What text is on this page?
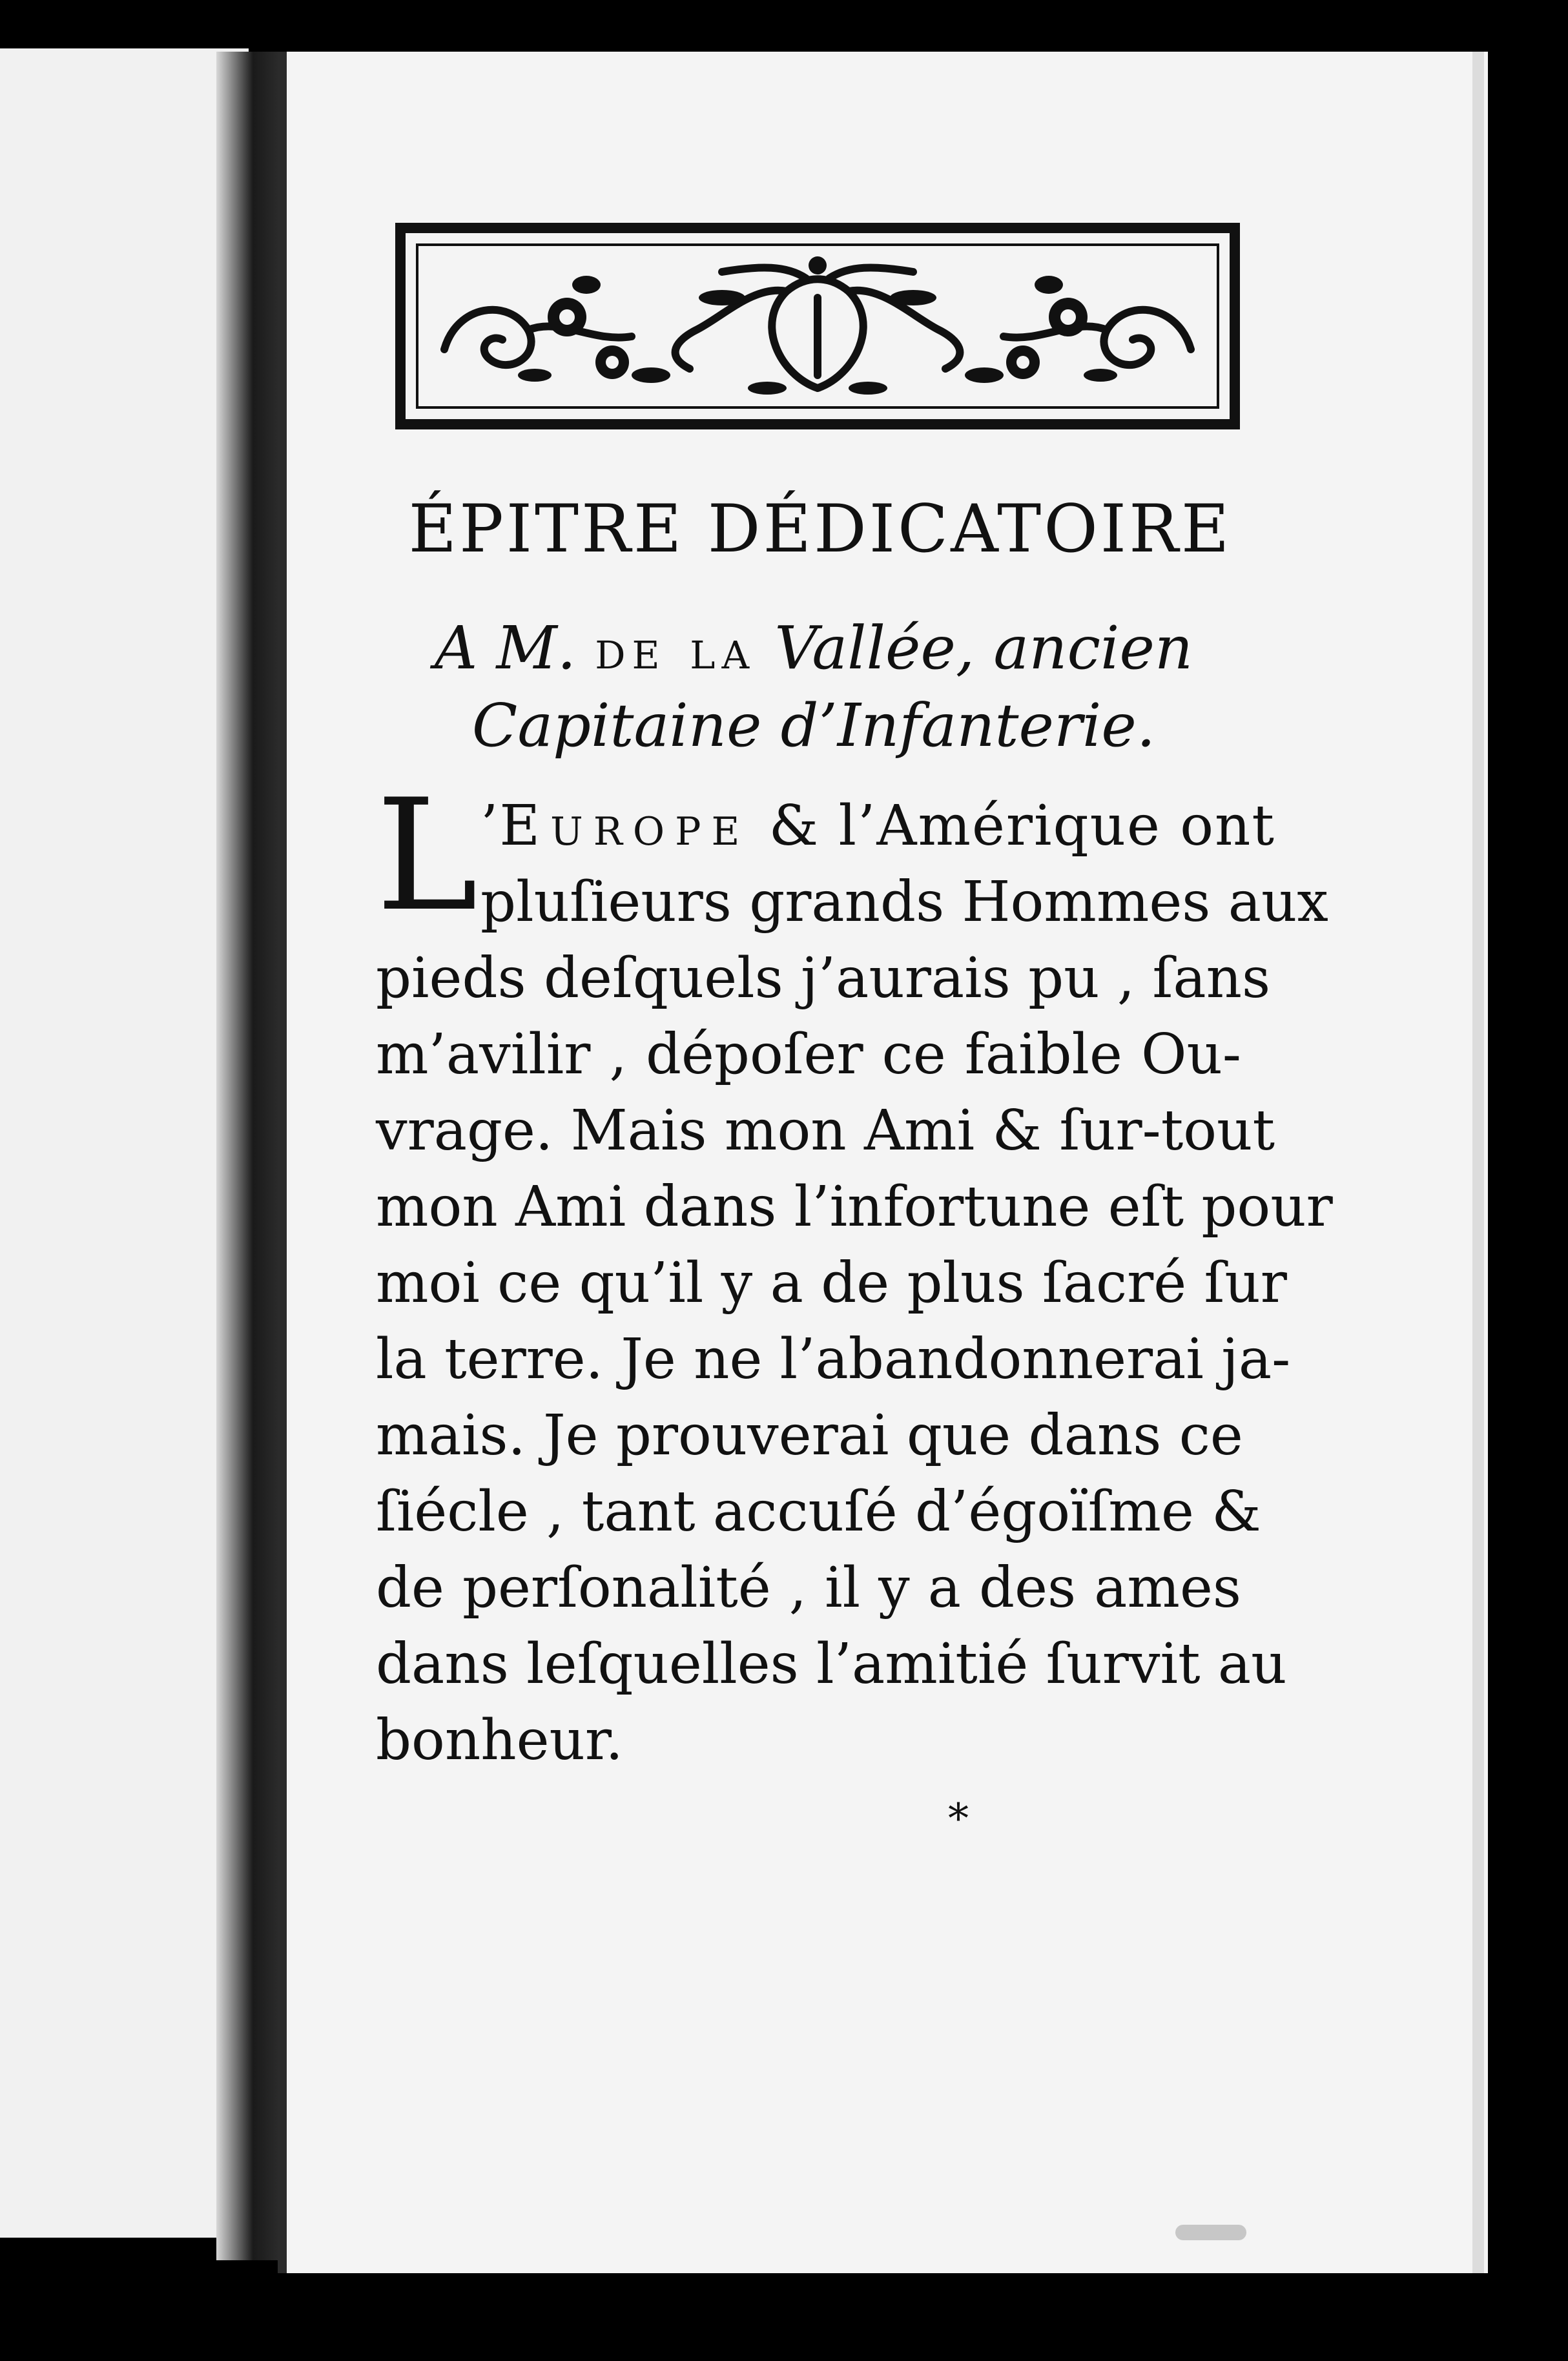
ÉPITRE DÉDICATOIRE
A M. de la Vallée, ancien
Capitaine d’Infanterie.
L ’Europe & l’Amérique ont
pluſieurs grands Hommes aux
pieds deſquels j’aurais pu , ſans
m’avilir , dépoſer ce faible Ou-
vrage. Mais mon Ami & ſur-tout
mon Ami dans l’infortune eſt pour
moi ce qu’il y a de plus ſacré ſur
la terre. Je ne l’abandonnerai ja-
mais. Je prouverai que dans ce
ſiécle , tant accuſé d’égoïſme &
de perſonalité , il y a des ames
dans leſquelles l’amitié ſurvit au
bonheur.
*
